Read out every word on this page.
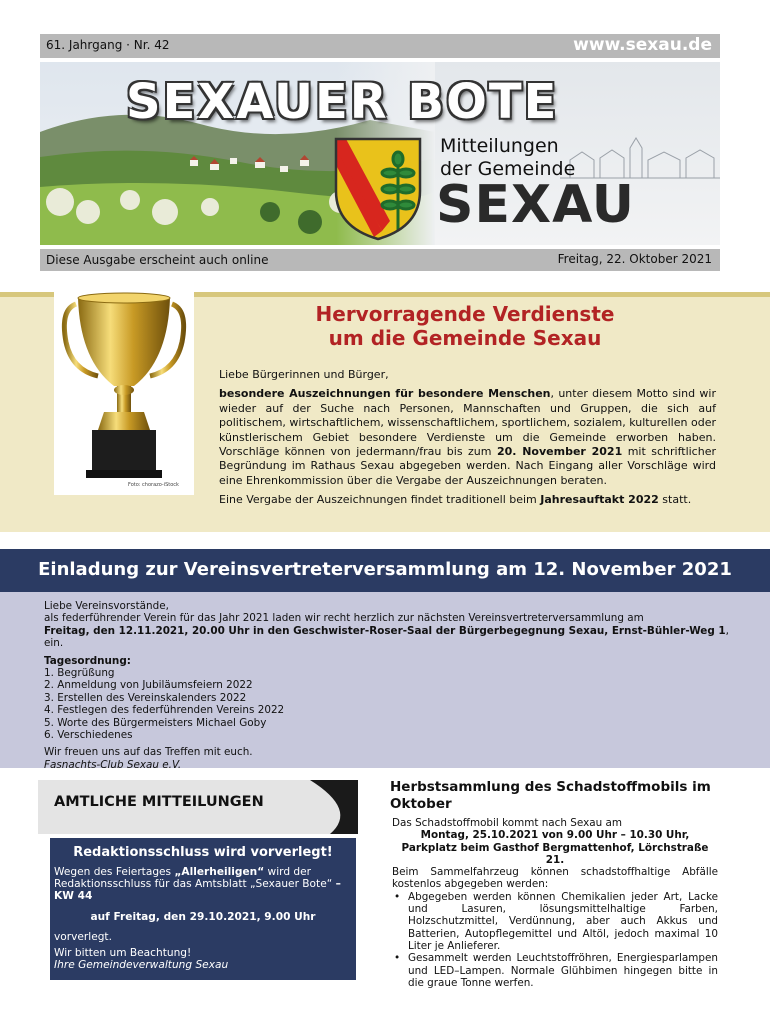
61. Jahrgang · Nr. 42	www.sexau.de
SEXAUER BOTE
Mitteilungen
der Gemeinde
SEXAU
Diese Ausgabe erscheint auch online	Freitag, 22. Oktober 2021
Foto: chorazo-iStock
Hervorragende Verdienste
um die Gemeinde Sexau

Liebe Bürgerinnen und Bürger,

besondere Auszeichnungen für besondere Menschen, unter diesem Motto sind wir wieder auf der Suche nach Personen, Mannschaften und Gruppen, die sich auf politischem, wirtschaftlichem, wissenschaftlichem, sportlichem, sozialem, kulturellen oder künstlerischem Gebiet besondere Verdienste um die Gemeinde erworben haben. Vorschläge können von jedermann/frau bis zum 20. November 2021 mit schriftlicher Begründung im Rathaus Sexau abgegeben werden. Nach Eingang aller Vorschläge wird eine Ehrenkommission über die Vergabe der Auszeichnungen beraten.

Eine Vergabe der Auszeichnungen findet traditionell beim Jahresauftakt 2022 statt.

Einladung zur Vereinsvertreterversammlung am 12. November 2021
Liebe Vereinsvorstände,
als federführender Verein für das Jahr 2021 laden wir recht herzlich zur nächsten Vereinsvertreterversammlung am
Freitag, den 12.11.2021, 20.00 Uhr in den Geschwister-Roser-Saal der Bürgerbegegnung Sexau, Ernst-Bühler-Weg 1, ein.
Tagesordnung:
1. Begrüßung
2. Anmeldung von Jubiläumsfeiern 2022
3. Erstellen des Vereinskalenders 2022
4. Festlegen des federführenden Vereins 2022
5. Worte des Bürgermeisters Michael Goby
6. Verschiedenes
Wir freuen uns auf das Treffen mit euch.
Fasnachts-Club Sexau e.V.
AMTLICHE MITTEILUNGEN
Redaktionsschluss wird vorverlegt!
Wegen des Feiertages „Allerheiligen“ wird der Redaktionsschluss für das Amtsblatt „Sexauer Bote“ – KW 44
auf Freitag, den 29.10.2021, 9.00 Uhr
vorverlegt.
Wir bitten um Beachtung!
Ihre Gemeindeverwaltung Sexau
Herbstsammlung des Schadstoffmobils im Oktober
Das Schadstoffmobil kommt nach Sexau am
Montag, 25.10.2021 von 9.00 Uhr – 10.30 Uhr,
Parkplatz beim Gasthof Bergmattenhof, Lörchstraße 21.

Beim Sammelfahrzeug können schadstoffhaltige Abfälle kostenlos abgegeben werden:

• Abgegeben werden können Chemikalien jeder Art, Lacke und Lasuren, lösungsmittelhaltige Farben, Holzschutzmittel, Verdünnung, aber auch Akkus und Batterien, Autopflegemittel und Altöl, jedoch maximal 10 Liter je Anlieferer.
• Gesammelt werden Leuchtstoffröhren, Energiesparlampen und LED–Lampen. Normale Glühbimen hingegen bitte in die graue Tonne werfen.
